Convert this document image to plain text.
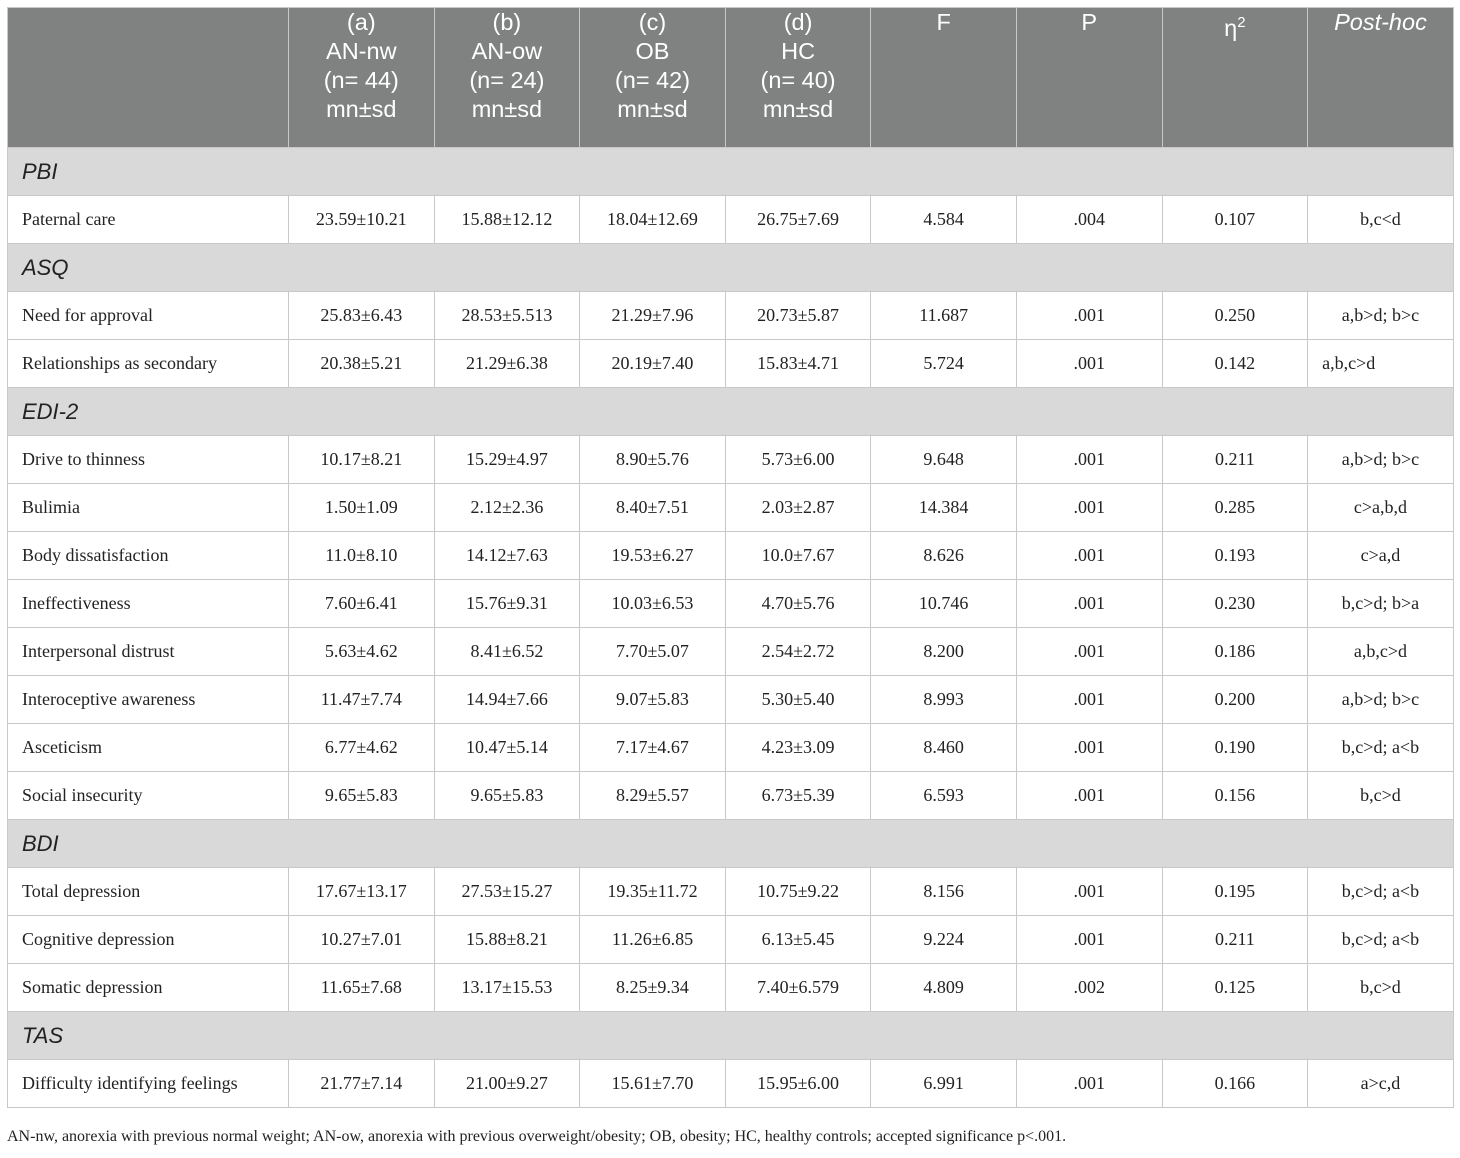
	(a)
AN-nw
(n= 44)
mn±sd	(b)
AN-ow
(n= 24)
mn±sd	(c)
OB
(n= 42)
mn±sd	(d)
HC
(n= 40)
mn±sd	F	P	$\eta^2$	Post-hoc
PBI								
Paternal care	23.59±10.21	15.88±12.12	18.04±12.69	26.75±7.69	4.584	.004	0.107	b,c<d
ASQ								
Need for approval	25.83±6.43	28.53±5.513	21.29±7.96	20.73±5.87	11.687	.001	0.250	a,b>d; b>c
Relationships as secondary	20.38±5.21	21.29±6.38	20.19±7.40	15.83±4.71	5.724	.001	0.142	a,b,c>d
EDI-2								
Drive to thinness	10.17±8.21	15.29±4.97	8.90±5.76	5.73±6.00	9.648	.001	0.211	a,b>d; b>c
Bulimia	1.50±1.09	2.12±2.36	8.40±7.51	2.03±2.87	14.384	.001	0.285	c>a,b,d
Body dissatisfaction	11.0±8.10	14.12±7.63	19.53±6.27	10.0±7.67	8.626	.001	0.193	c>a,d
Ineffectiveness	7.60±6.41	15.76±9.31	10.03±6.53	4.70±5.76	10.746	.001	0.230	b,c>d; b>a
Interpersonal distrust	5.63±4.62	8.41±6.52	7.70±5.07	2.54±2.72	8.200	.001	0.186	a,b,c>d
Interoceptive awareness	11.47±7.74	14.94±7.66	9.07±5.83	5.30±5.40	8.993	.001	0.200	a,b>d; b>c
Asceticism	6.77±4.62	10.47±5.14	7.17±4.67	4.23±3.09	8.460	.001	0.190	b,c>d; a<b
Social insecurity	9.65±5.83	9.65±5.83	8.29±5.57	6.73±5.39	6.593	.001	0.156	b,c>d
BDI								
Total depression	17.67±13.17	27.53±15.27	19.35±11.72	10.75±9.22	8.156	.001	0.195	b,c>d; a<b
Cognitive depression	10.27±7.01	15.88±8.21	11.26±6.85	6.13±5.45	9.224	.001	0.211	b,c>d; a<b
Somatic depression	11.65±7.68	13.17±15.53	8.25±9.34	7.40±6.579	4.809	.002	0.125	b,c>d
TAS								
Difficulty identifying feelings	21.77±7.14	21.00±9.27	15.61±7.70	15.95±6.00	6.991	.001	0.166	a>c,d
AN-nw, anorexia with previous normal weight; AN-ow, anorexia with previous overweight/obesity; OB, obesity; HC, healthy controls; accepted significance p<.001.
